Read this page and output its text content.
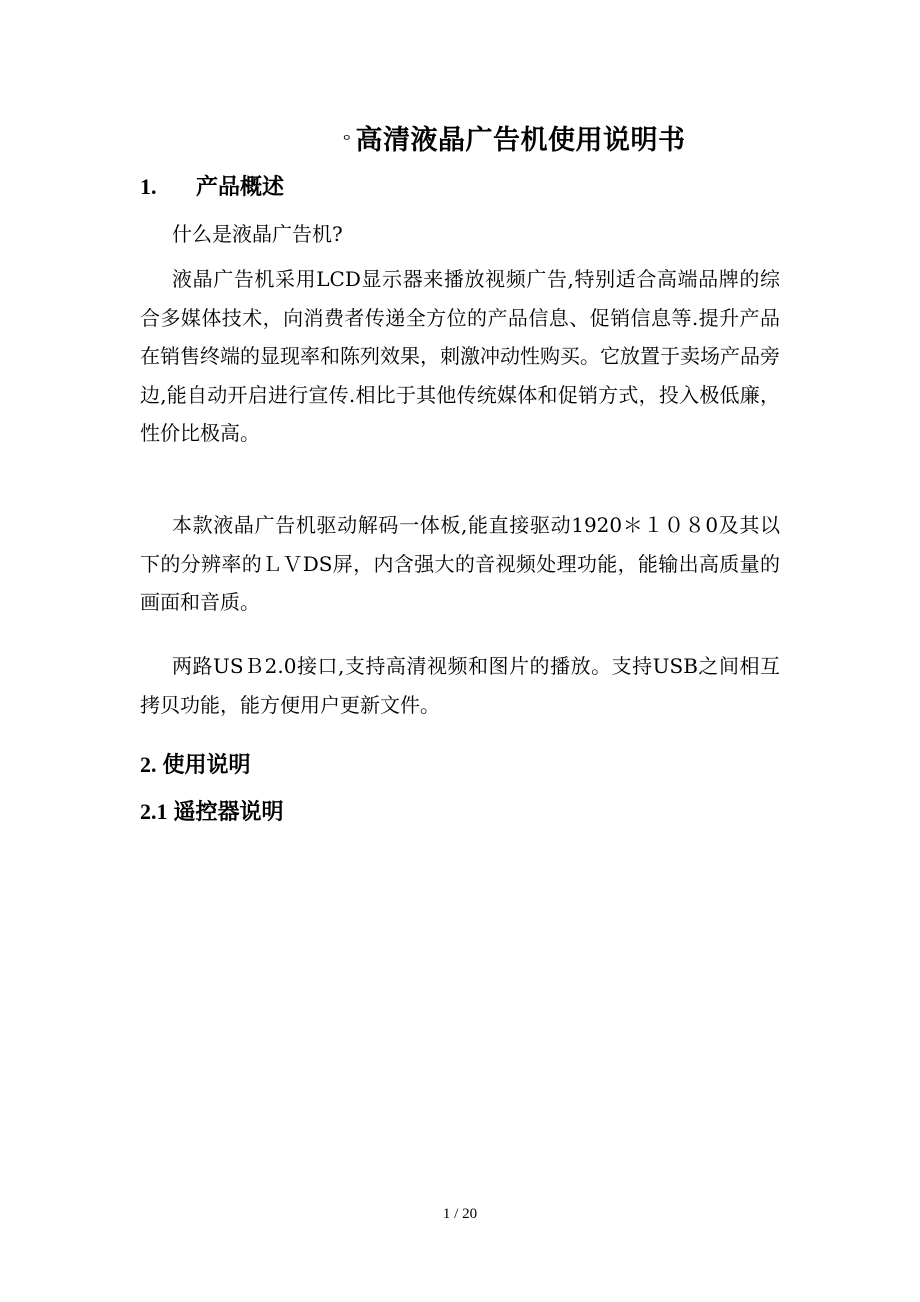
ᄋ 高清液晶广告机使用说明书
1.	产品概述

什么是液晶广告机?

液晶广告机采用LCD显示器来播放视频广告,特别适合高端品牌的综合多媒体技术，向消费者传递全方位的产品信息、促销信息等.提升产品在销售终端的显现率和陈列效果，刺激冲动性购买。它放置于卖场产品旁边,能自动开启进行宣传.相比于其他传统媒体和促销方式，投入极低廉，性价比极高。

本款液晶广告机驱动解码一体板,能直接驱动1920＊１０８0及其以下的分辨率的ＬＶDS屏，内含强大的音视频处理功能，能输出高质量的画面和音质。

两路USＢ2.0接口,支持高清视频和图片的播放。支持USB之间相互拷贝功能，能方便用户更新文件。

2. 使用说明
2.1 遥控器说明
1 / 20
